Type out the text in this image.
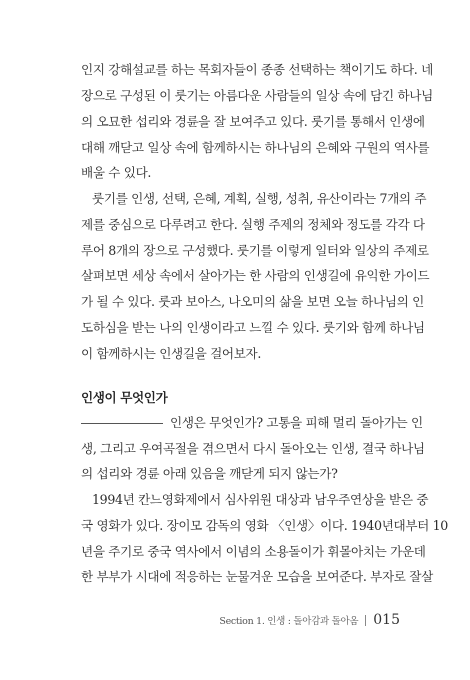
인지 강해설교를 하는 목회자들이 종종 선택하는 책이기도 하다. 네
장으로 구성된 이 룻기는 아름다운 사람들의 일상 속에 담긴 하나님
의 오묘한 섭리와 경륜을 잘 보여주고 있다. 룻기를 통해서 인생에
대해 깨닫고 일상 속에 함께하시는 하나님의 은혜와 구원의 역사를
배울 수 있다.
룻기를 인생, 선택, 은혜, 계획, 실행, 성취, 유산이라는 7개의 주
제를 중심으로 다루려고 한다. 실행 주제의 정체와 정도를 각각 다
루어 8개의 장으로 구성했다. 룻기를 이렇게 일터와 일상의 주제로
살펴보면 세상 속에서 살아가는 한 사람의 인생길에 유익한 가이드
가 될 수 있다. 룻과 보아스, 나오미의 삶을 보면 오늘 하나님의 인
도하심을 받는 나의 인생이라고 느낄 수 있다. 룻기와 함께 하나님
이 함께하시는 인생길을 걸어보자.
인생이 무엇인가
인생은 무엇인가? 고통을 피해 멀리 돌아가는 인
생, 그리고 우여곡절을 겪으면서 다시 돌아오는 인생, 결국 하나님
의 섭리와 경륜 아래 있음을 깨닫게 되지 않는가?
1994년 칸느영화제에서 심사위원 대상과 남우주연상을 받은 중
국 영화가 있다. 장이모 감독의 영화 〈인생〉이다. 1940년대부터 10
년을 주기로 중국 역사에서 이념의 소용돌이가 휘몰아치는 가운데
한 부부가 시대에 적응하는 눈물겨운 모습을 보여준다. 부자로 잘살
Section 1. 인생 : 돌아감과 돌아옴 015
